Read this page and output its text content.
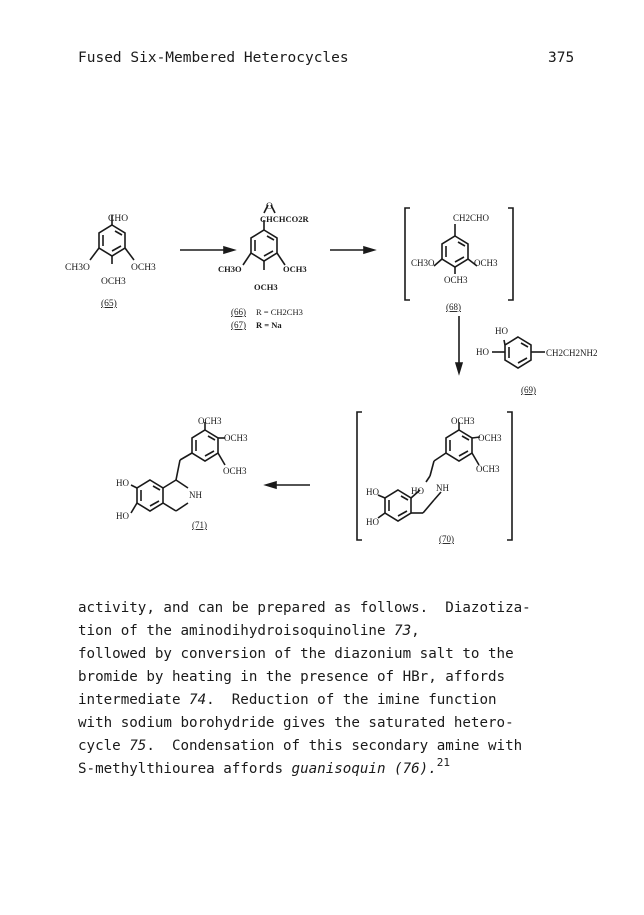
Fused Six-Membered Heterocycles	375
CHO
CH3O	OCH3
OCH3
(65)
O
CHCHCO2R
CH3O	OCH3
OCH3
(66) R = CH2CH3
(67) R = Na
CH2CHO
CH3O	OCH3
OCH3
(68)
HO
HO	CH2CH2NH2
(69)
OCH3
OCH3
OCH3
HO NH
HO
HO
(70)
OCH3
OCH3
OCH3
HO
HO
NH
(71)
activity, and can be prepared as follows.  Diazotiza-
tion of the aminodihydroisoquinoline 73,
followed by conversion of the diazonium salt to the
bromide by heating in the presence of HBr, affords
intermediate 74.  Reduction of the imine function
with sodium borohydride gives the saturated hetero-
cycle 75.  Condensation of this secondary amine with
S-methylthiourea affords guanisoquin (76).$^{21}$
